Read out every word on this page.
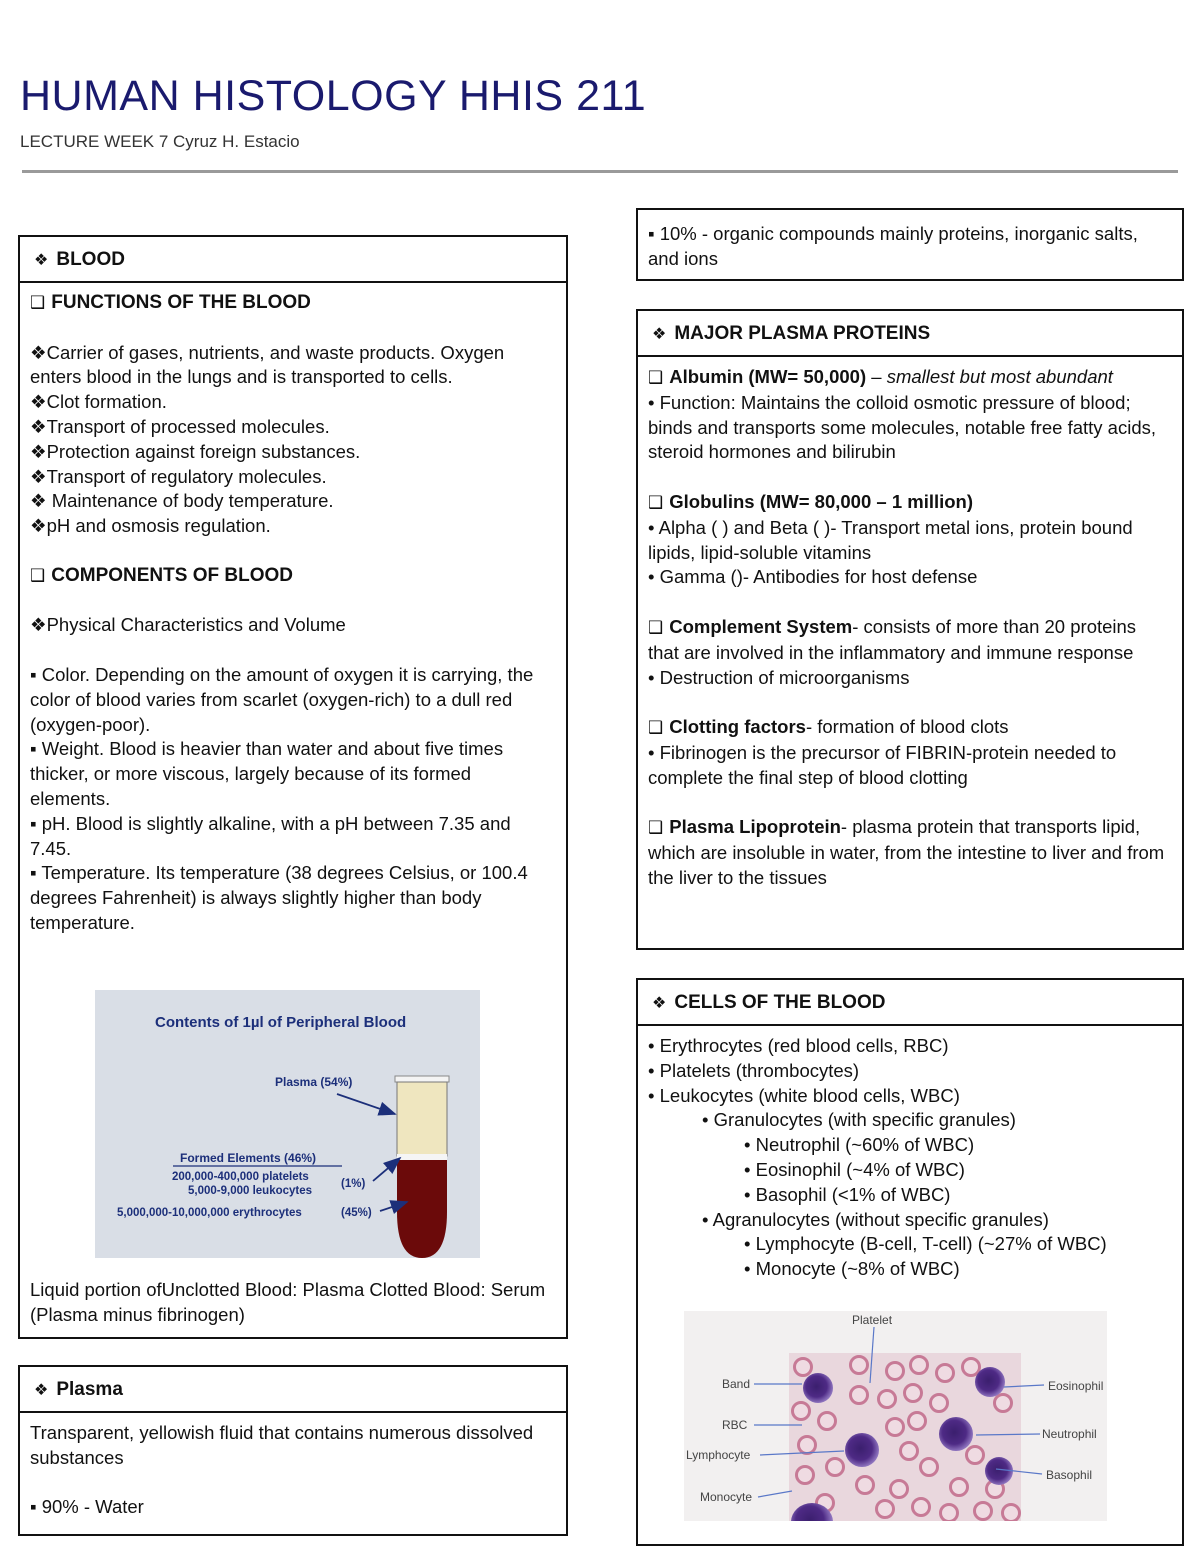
HUMAN HISTOLOGY HHIS 211
LECTURE WEEK 7 Cyruz H. Estacio
❖ BLOOD
❑ FUNCTIONS OF THE BLOOD
❖Carrier of gases, nutrients, and waste products. Oxygen enters blood in the lungs and is transported to cells.
❖Clot formation.
❖Transport of processed molecules.
❖Protection against foreign substances.
❖Transport of regulatory molecules.
❖ Maintenance of body temperature.
❖pH and osmosis regulation.
❑ COMPONENTS OF BLOOD
❖Physical Characteristics and Volume
▪ Color. Depending on the amount of oxygen it is carrying, the color of blood varies from scarlet (oxygen-rich) to a dull red (oxygen-poor).
▪ Weight. Blood is heavier than water and about five times thicker, or more viscous, largely because of its formed elements.
▪ pH. Blood is slightly alkaline, with a pH between 7.35 and 7.45.
▪ Temperature. Its temperature (38 degrees Celsius, or 100.4 degrees Fahrenheit) is always slightly higher than body temperature.
Liquid portion ofUnclotted Blood: Plasma Clotted Blood: Serum (Plasma minus fibrinogen)
Contents of 1µl of Peripheral Blood
Plasma (54%)
Formed Elements (46%)
200,000-400,000 platelets
5,000-9,000 leukocytes
(1%)
5,000,000-10,000,000 erythrocytes	(45%)
❖ Plasma
Transparent, yellowish fluid that contains numerous dissolved substances
▪ 90% - Water
▪ 10% - organic compounds mainly proteins, inorganic salts, and ions
❖ MAJOR PLASMA PROTEINS
❑ Albumin (MW= 50,000) – smallest but most abundant
• Function: Maintains the colloid osmotic pressure of blood; binds and transports some molecules, notable free fatty acids, steroid hormones and bilirubin
❑ Globulins (MW= 80,000 – 1 million)
• Alpha ( ) and Beta ( )- Transport metal ions, protein bound lipids, lipid-soluble vitamins
• Gamma ()- Antibodies for host defense
❑ Complement System- consists of more than 20 proteins that are involved in the inflammatory and immune response
• Destruction of microorganisms
❑ Clotting factors- formation of blood clots
• Fibrinogen is the precursor of FIBRIN-protein needed to complete the final step of blood clotting
❑ Plasma Lipoprotein- plasma protein that transports lipid, which are insoluble in water, from the intestine to liver and from the liver to the tissues
❖ CELLS OF THE BLOOD
• Erythrocytes (red blood cells, RBC)
• Platelets (thrombocytes)
• Leukocytes (white blood cells, WBC)
• Granulocytes (with specific granules)
• Neutrophil (~60% of WBC)
• Eosinophil (~4% of WBC)
• Basophil (<1% of WBC)
• Agranulocytes (without specific granules)
• Lymphocyte (B-cell, T-cell) (~27% of WBC)
• Monocyte (~8% of WBC)
Platelet
Band
RBC
Lymphocyte
Monocyte
Eosinophil
Neutrophil
Basophil
